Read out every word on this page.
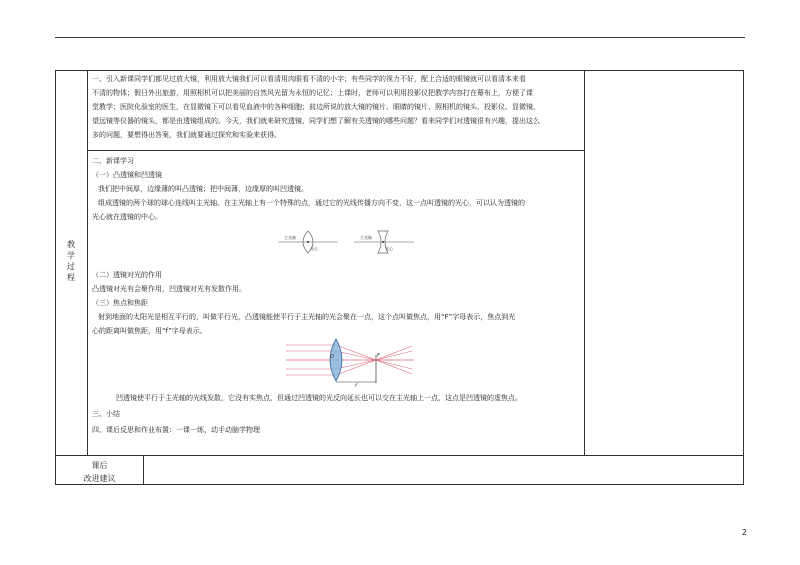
教学过程
一、引入新课同学们都见过放大镜，利用放大镜我们可以看清用肉眼看不清的小字；有些同学的视力不好，配上合适的眼镜就可以看清本来看
不清的物体；假日外出旅游，用照相机可以把美丽的自然风光留为永恒的记忆；上课时，老师可以利用投影仪把教学内容打在幕布上，方便了课
堂教学；医院化验室的医生，在显微镜下可以看见血液中的各种细胞；前边所说的放大镜的镜片、眼睛的镜片、照相机的镜头、投影仪、显微镜、
望远镜等仪器的镜头，都是由透镜组成的。今天，我们就来研究透镜，同学们想了解有关透镜的哪些问题？看来同学们对透镜很有兴趣，提出这么
多的问题，要想得出答案，我们就要通过探究和实验来获得。
二、新课学习
（一）凸透镜和凹透镜
我们把中间厚，边缘薄的叫凸透镜；把中间薄，边缘厚的叫凹透镜。
组成透镜的两个球的球心连线叫主光轴。在主光轴上有一个特殊的点，通过它的光线传播方向不变，这一点叫透镜的光心，可以认为透镜的
光心就在透镜的中心。
主光轴
光心
主光轴
光心
（二）透镜对光的作用
凸透镜对光有会聚作用，凹透镜对光有发散作用。
（三）焦点和焦距
射到地面的太阳光是相互平行的，叫做平行光，凸透镜能使平行于主光轴的光会聚在一点，这个点叫做焦点，用“F”字母表示，焦点到光
心的距离叫做焦距，用“f”字母表示。
O	F
f
凹透镜使平行于主光轴的光线发散，它没有实焦点，但通过凹透镜的光反向延长也可以交在主光轴上一点，这点是凹透镜的虚焦点。
三、小结
四、课后反思和作业布置：一课一练，动手动脑学物理
课后
改进建议
2
